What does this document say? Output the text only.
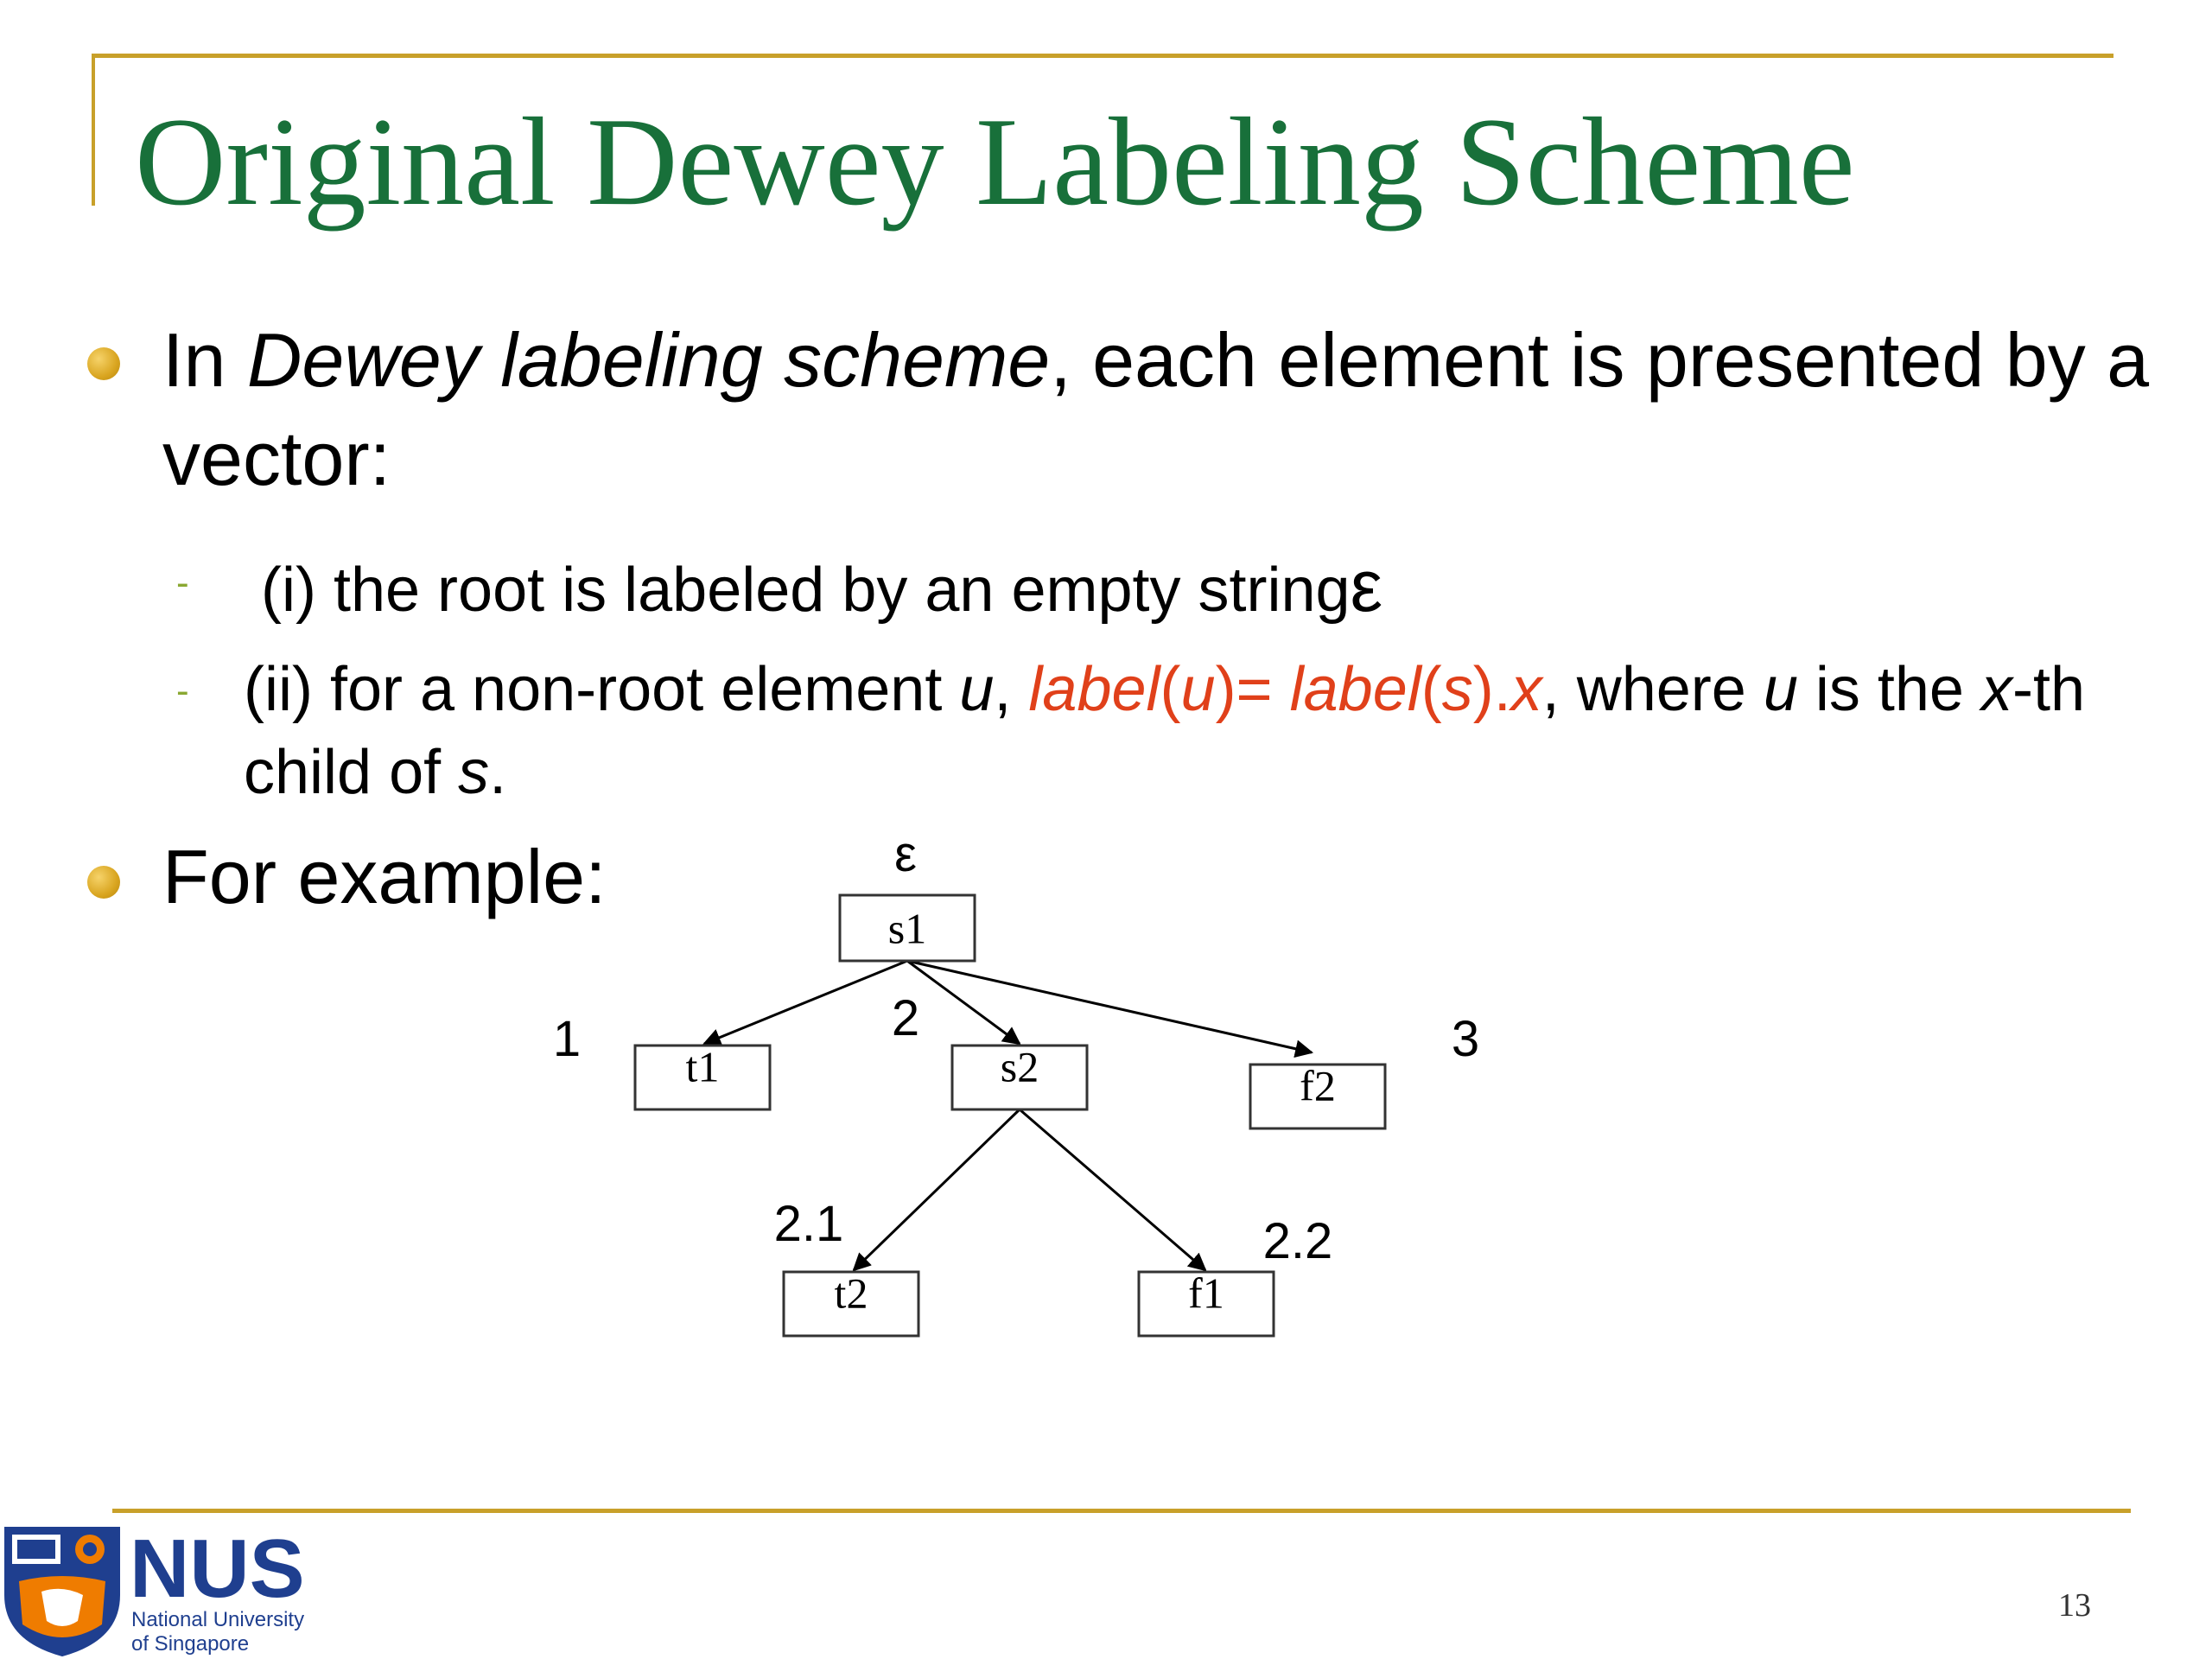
Original Dewey Labeling Scheme
In Dewey labeling scheme, each element is presented by a vector:
- (i) the root is labeled by an empty stringε
- (ii) for a non-root element u, label(u)= label(s).x, where u is the x-th child of s.
For example:
s1
t1	s2	f2
t2	f1
ε
1	2	3
2.1	2.2
NUS
National University
of Singapore
13
